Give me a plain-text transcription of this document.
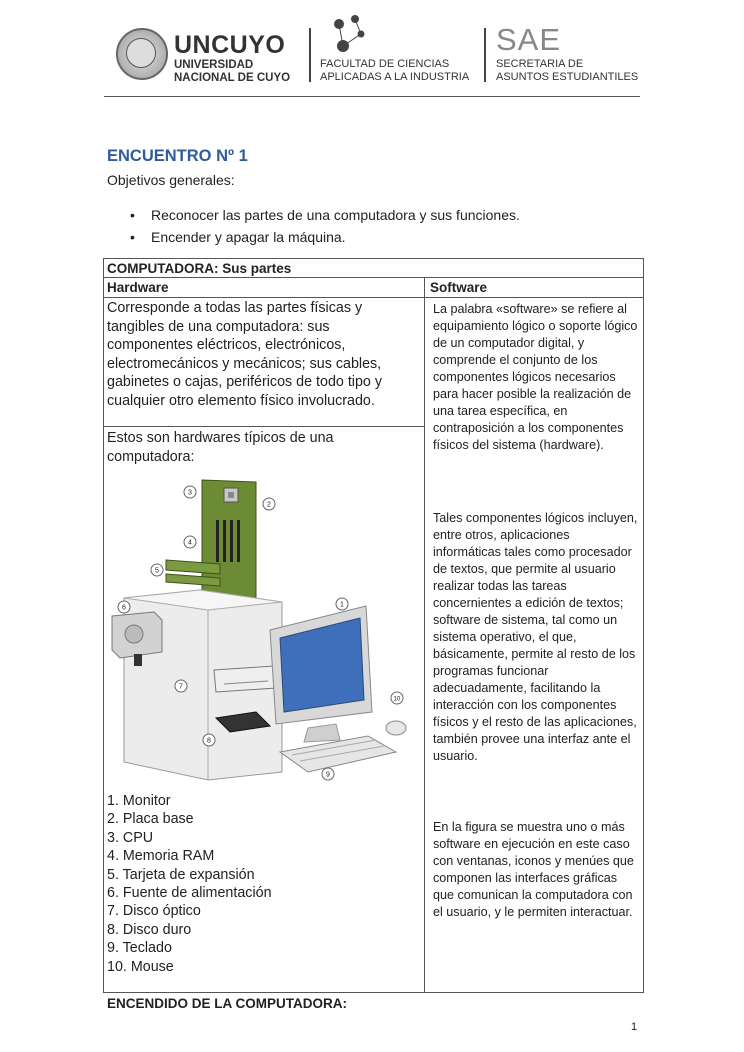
UNCUYO
UNIVERSIDAD
NACIONAL DE CUYO
FACULTAD DE CIENCIAS
APLICADAS A LA INDUSTRIA
SAE
SECRETARIA DE
ASUNTOS ESTUDIANTILES
ENCUENTRO Nº 1
Objetivos generales:
• Reconocer las partes de una computadora y sus funciones.
• Encender y apagar la máquina.
COMPUTADORA: Sus partes
Hardware	Software
Corresponde a todas las partes físicas y tangibles de una computadora: sus componentes eléctricos, electrónicos, electromecánicos y mecánicos; sus cables, gabinetes o cajas, periféricos de todo tipo y cualquier otro elemento físico involucrado.
Estos son hardwares típicos de una computadora:
1
2
3
4
5
6
7
8
9
10
1. Monitor
2. Placa base
3. CPU
4. Memoria RAM
5. Tarjeta de expansión
6. Fuente de alimentación
7. Disco óptico
8. Disco duro
9. Teclado
10. Mouse
La palabra «software» se refiere al equipamiento lógico o soporte lógico de un computador digital, y comprende el conjunto de los componentes lógicos necesarios para hacer posible la realización de una tarea específica, en contraposición a los componentes físicos del sistema (hardware).
Tales componentes lógicos incluyen, entre otros, aplicaciones informáticas tales como procesador de textos, que permite al usuario realizar todas las tareas concernientes a edición de textos; software de sistema, tal como un sistema operativo, el que, básicamente, permite al resto de los programas funcionar adecuadamente, facilitando la interacción con los componentes físicos y el resto de las aplicaciones, también provee una interfaz ante el usuario.
En la figura se muestra uno o más software en ejecución en este caso con ventanas, iconos y menúes que componen las interfaces gráficas que comunican la computadora con el usuario, y le permiten interactuar.
ENCENDIDO DE LA COMPUTADORA:
1
